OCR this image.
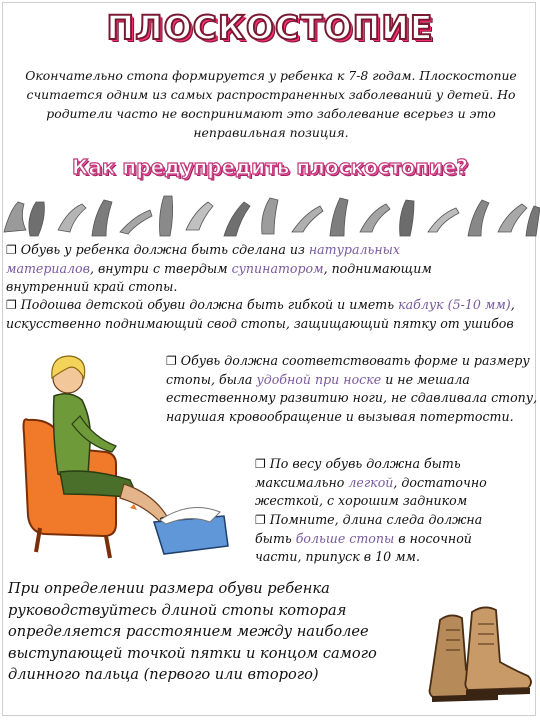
ПЛОСКОСТОПИЕ
Окончательно стопа формируется у ребенка к 7-8 годам. Плоскостопие считается одним из самых распространенных заболеваний у детей. Но родители часто не воспринимают это заболевание всерьез и это неправильная позиция.
Как предупредить плоскостопие?
❐ Обувь у ребенка должна быть сделана из натуральных материалов, внутри с твердым супинатором, поднимающим внутренний край стопы.
❐ Подошва детской обуви должна быть гибкой и иметь каблук (5-10 мм), искусственно поднимающий свод стопы, защищающий пятку от ушибов
❐ Обувь должна соответствовать форме и размеру стопы, была удобной при носке и не мешала естественному развитию ноги, не сдавливала стопу, нарушая кровообращение и вызывая потертости.
❐ По весу обувь должна быть максимально легкой, достаточно жесткой, с хорошим задником
❐ Помните, длина следа должна быть больше стопы в носочной части, припуск в 10 мм.
При определении размера обуви ребенка руководствуйтесь длиной стопы которая определяется расстоянием между наиболее выступающей точкой пятки и концом самого длинного пальца (первого или второго)
